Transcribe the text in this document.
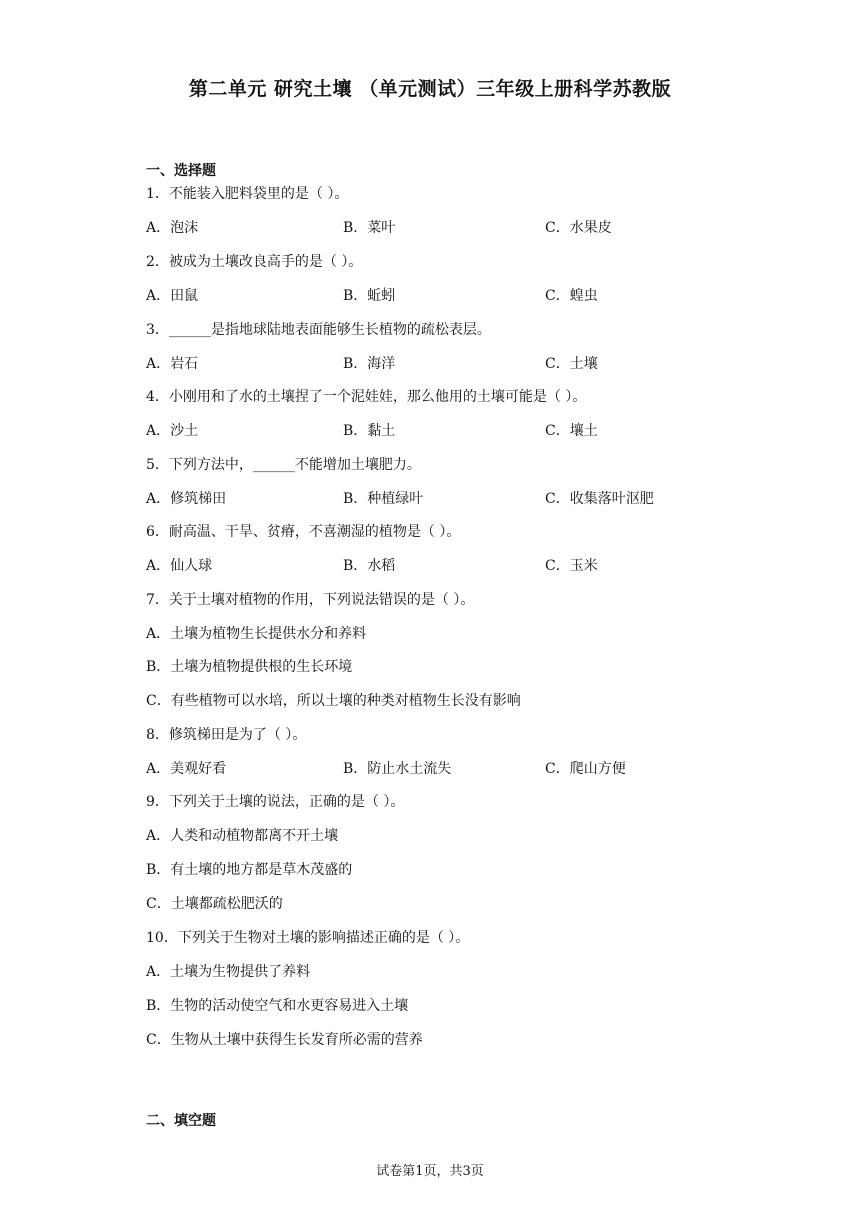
第二单元 研究土壤 （单元测试）三年级上册科学苏教版
一、选择题
1．不能装入肥料袋里的是（ ）。
A．泡沫	B．菜叶	C．水果皮
2．被成为土壤改良高手的是（ ）。
A．田鼠	B．蚯蚓	C．蝗虫
3．______是指地球陆地表面能够生长植物的疏松表层。
A．岩石	B．海洋	C．土壤
4．小刚用和了水的土壤捏了一个泥娃娃，那么他用的土壤可能是（ ）。
A．沙土	B．黏土	C．壤土
5．下列方法中，______不能增加土壤肥力。
A．修筑梯田	B．种植绿叶	C．收集落叶沤肥
6．耐高温、干旱、贫瘠，不喜潮湿的植物是（ ）。
A．仙人球	B．水稻	C．玉米
7．关于土壤对植物的作用，下列说法错误的是（ ）。
A．土壤为植物生长提供水分和养料
B．土壤为植物提供根的生长环境
C．有些植物可以水培，所以土壤的种类对植物生长没有影响
8．修筑梯田是为了（ ）。
A．美观好看	B．防止水土流失	C．爬山方便
9．下列关于土壤的说法，正确的是（ ）。
A．人类和动植物都离不开土壤
B．有土壤的地方都是草木茂盛的
C．土壤都疏松肥沃的
10．下列关于生物对土壤的影响描述正确的是（ ）。
A．土壤为生物提供了养料
B．生物的活动使空气和水更容易进入土壤
C．生物从土壤中获得生长发育所必需的营养
二、填空题
试卷第1页，共3页
